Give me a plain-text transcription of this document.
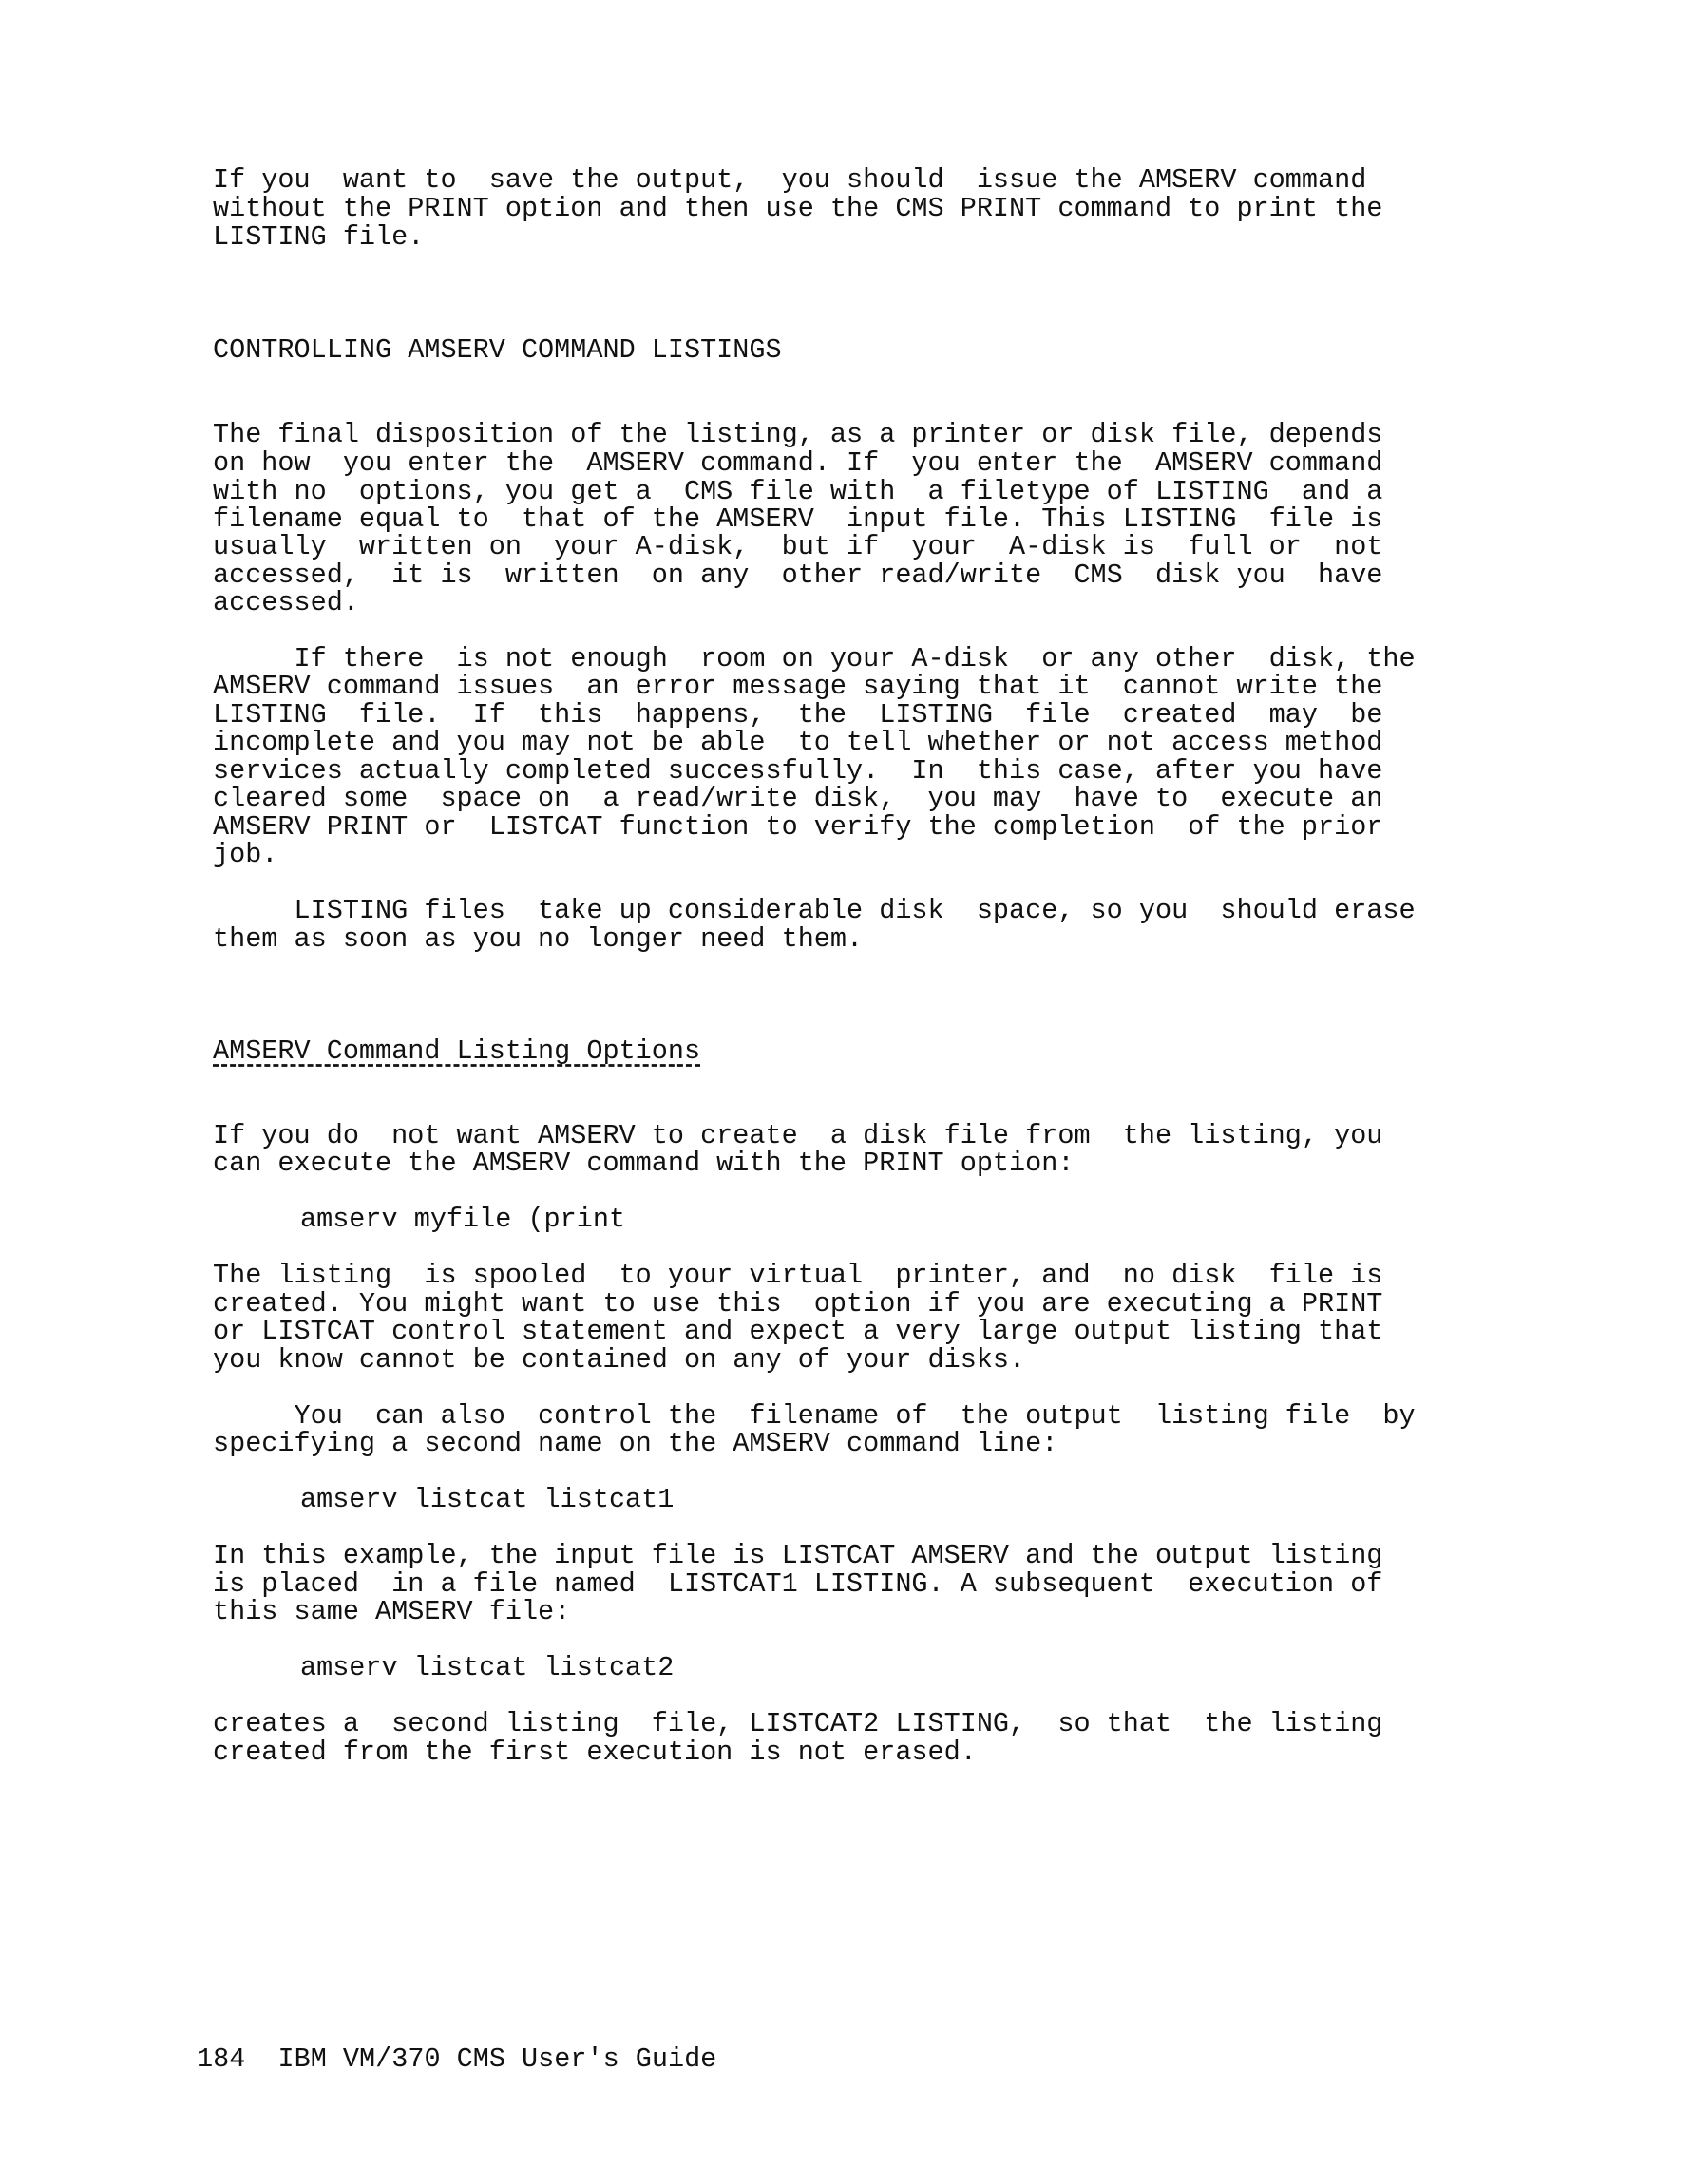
If you  want to  save the output,  you should  issue the AMSERV command
without the PRINT option and then use the CMS PRINT command to print the
LISTING file.
CONTROLLING AMSERV COMMAND LISTINGS
The final disposition of the listing, as a printer or disk file, depends
on how  you enter the  AMSERV command. If  you enter the  AMSERV command
with no  options, you get a  CMS file with  a filetype of LISTING  and a
filename equal to  that of the AMSERV  input file. This LISTING  file is
usually  written on  your A-disk,  but if  your  A-disk is  full or  not
accessed,  it is  written  on any  other read/write  CMS  disk you  have
accessed.
If there  is not enough  room on your A-disk  or any other  disk, the
AMSERV command issues  an error message saying that it  cannot write the
LISTING  file.  If  this  happens,  the  LISTING  file  created  may  be
incomplete and you may not be able  to tell whether or not access method
services actually completed successfully.  In  this case, after you have
cleared some  space on  a read/write disk,  you may  have to  execute an
AMSERV PRINT or  LISTCAT function to verify the completion  of the prior
job.
LISTING files  take up considerable disk  space, so you  should erase
them as soon as you no longer need them.
AMSERV Command Listing Options
If you do  not want AMSERV to create  a disk file from  the listing, you
can execute the AMSERV command with the PRINT option:
amserv myfile (print
The listing  is spooled  to your virtual  printer, and  no disk  file is
created. You might want to use this  option if you are executing a PRINT
or LISTCAT control statement and expect a very large output listing that
you know cannot be contained on any of your disks.
You  can also  control the  filename of  the output  listing file  by
specifying a second name on the AMSERV command line:
amserv listcat listcat1
In this example, the input file is LISTCAT AMSERV and the output listing
is placed  in a file named  LISTCAT1 LISTING. A subsequent  execution of
this same AMSERV file:
amserv listcat listcat2
creates a  second listing  file, LISTCAT2 LISTING,  so that  the listing
created from the first execution is not erased.
184  IBM VM/370 CMS User's Guide
